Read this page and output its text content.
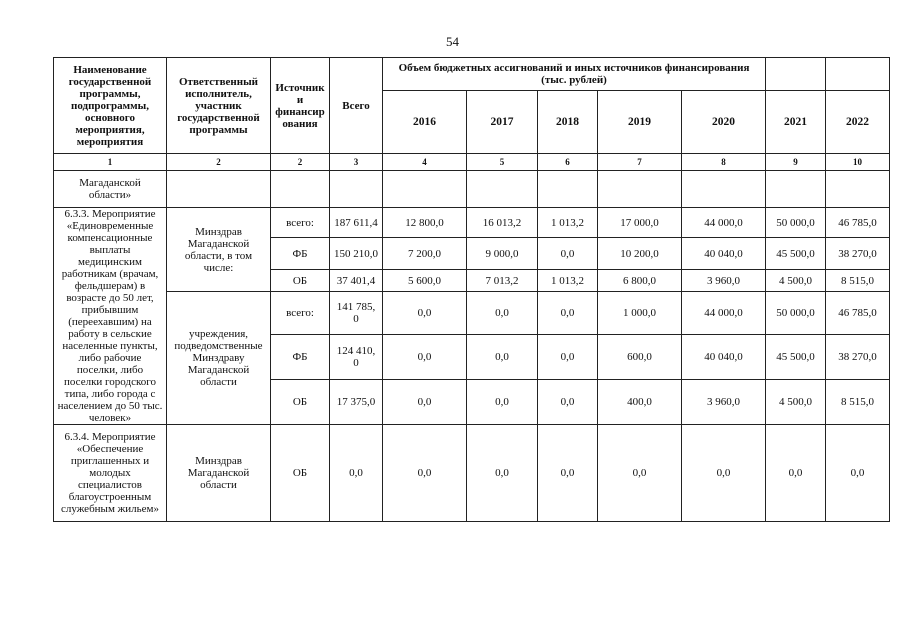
54
Наименование государственной программы, подпрограммы, основного мероприятия, мероприятия	Ответственный исполнитель, участник государственной программы	Источник и финансир ования	Всего	Объем бюджетных ассигнований и иных источников финансирования (тыс. рублей)						
				2016	2017	2018	2019	2020	2021	2022
1	2	2	3	4	5	6	7	8	9	10
Магаданской области»										
6.3.3. Мероприятие «Единовременные компенсационные выплаты медицинским работникам (врачам, фельдшерам) в возрасте до 50 лет, прибывшим (переехавшим) на работу в сельские населенные пункты, либо рабочие поселки, либо поселки городского типа, либо города с населением до 50 тыс. человек»	Минздрав Магаданской области, в том числе:	всего:	187 611,4	12 800,0	16 013,2	1 013,2	17 000,0	44 000,0	50 000,0	46 785,0
		ФБ	150 210,0	7 200,0	9 000,0	0,0	10 200,0	40 040,0	45 500,0	38 270,0
		ОБ	37 401,4	5 600,0	7 013,2	1 013,2	6 800,0	3 960,0	4 500,0	8 515,0
	учреждения, подведомственные Минздраву Магаданской области	всего:	141 785, 0	0,0	0,0	0,0	1 000,0	44 000,0	50 000,0	46 785,0
		ФБ	124 410, 0	0,0	0,0	0,0	600,0	40 040,0	45 500,0	38 270,0
		ОБ	17 375,0	0,0	0,0	0,0	400,0	3 960,0	4 500,0	8 515,0
6.3.4. Мероприятие «Обеспечение приглашенных и молодых специалистов благоустроенным служебным жильем»	Минздрав Магаданской области	ОБ	0,0	0,0	0,0	0,0	0,0	0,0	0,0	0,0
